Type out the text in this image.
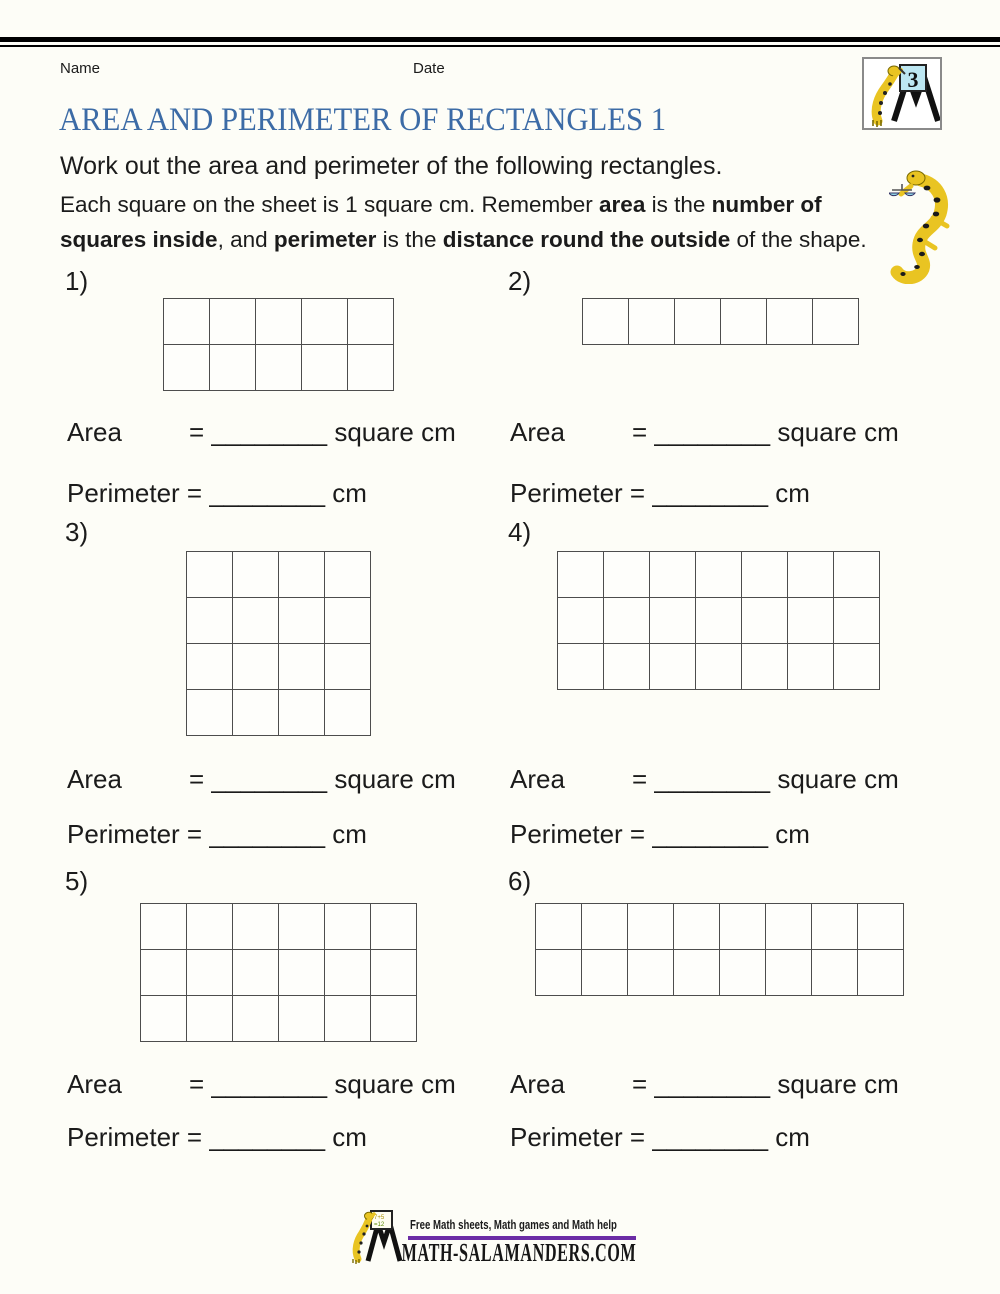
Name	Date	3
AREA AND PERIMETER OF RECTANGLES 1
Work out the area and perimeter of the following rectangles.
Each square on the sheet is 1 square cm. Remember area is the number of
squares inside, and perimeter is the distance round the outside of the shape.
1)	2)
3)	4)
5)	6)
Area	= ________ square cm Area	= ________ square cm
Perimeter = ________ cm	Perimeter = ________ cm
Area	= ________ square cm Area	= ________ square cm
Perimeter = ________ cm	Perimeter = ________ cm
Area	= ________ square cm Area	= ________ square cm
Perimeter = ________ cm	Perimeter = ________ cm
7+5
=12 Free Math sheets, Math games and Math help
MATH-SALAMANDERS.COM
